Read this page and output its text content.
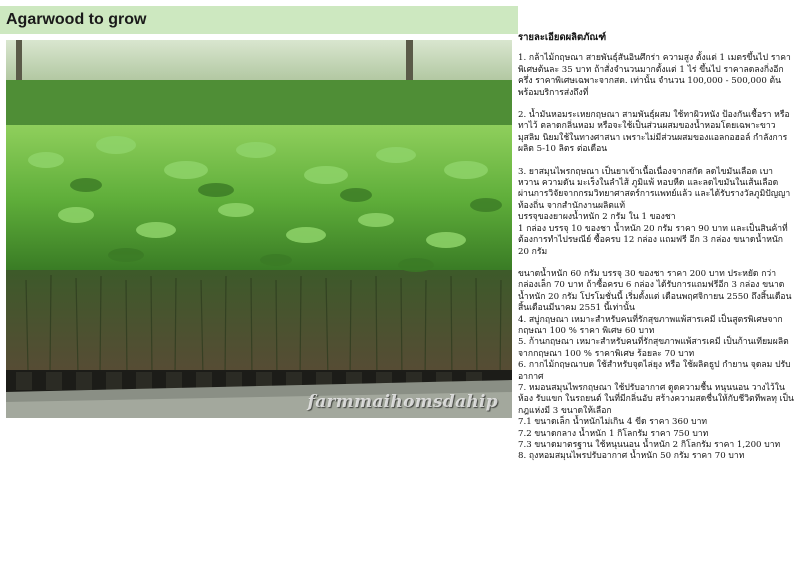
Agarwood to grow
farmmaihomsdahip
รายละเอียดผลิตภัณฑ์

1. กล้าไม้กฤษณา สายพันธุ์สันอินศึกร่า ความสูง ตั้งแต่ 1 เมตรขึ้นไป ราคาพิเศษต้นละ 35 บาท ถ้าสั่งจำนวนมากตั้งแต่ 1 ไร่ ขึ้นไป ราคาลดลงกิ่งอีกครึ่ง ราคาพิเศษเฉพาะจากสด. เท่านั้น จำนวน 100,000 - 500,000 ต้น พร้อมบริการส่งถึงที่

2. น้ำมันหอมระเหยกฤษณา สามพันธุ์ผสม ใช้ทาผิวหนัง ป้องกันเชื้อรา หรือทาไว้ ตลาดกลิ่นหอม หรือจะใช้เป็นส่วนผสมของน้ำหอมโดยเฉพาะขาวมุสลิม นิยมใช้ในทางศาสนา เพราะไม่มีส่วนผสมของแอลกอฮอล์ กำลังการผลิต 5-10 ลิตร ต่อเดือน

3. ยาสมุนไพรกฤษณา เป็นยาเข้าเนื้อเนื่องจากสกัด ลดไขมันเลือด เบาหวาน ความดัน มะเร็งในลำไส้ ภูมิแพ้ หอบหืด และลดไขมันในเส้นเลือด ผ่านการวิจัยจากกรมวิทยาศาสตร์การแพทย์แล้ว และได้รับรางวัลภูมิปัญญาท้องถิ่น จากสำนักงานผลิตแท้

บรรจุของยาผงน้ำหนัก 2 กรัม ใน 1 ของชา

1 กล่อง บรรจุ 10 ของชา น้ำหนัก 20 กรัม ราคา 90 บาท และเป็นสินค้าที่ต้องการทำไปรษณีย์ ซื้อครบ 12 กล่อง แถมฟรี อีก 3 กล่อง ขนาดน้ำหนัก 20 กรัม

ขนาดน้ำหนัก 60 กรัม บรรจุ 30 ของชา ราคา 200 บาท ประหยัด กว่ากล่องเล็ก 70 บาท ถ้าซื้อครบ 6 กล่อง ได้รับการแถมฟรีอีก 3 กล่อง ขนาดน้ำหนัก 20 กรัม โปรโมชั่นนี้ เริ่มตั้งแต่ เดือนพฤศจิกายน 2550 ถึงสิ้นเดือน สิ้นเดือนมีนาคม 2551 นี้เท่านั้น

4. สบู่กฤษณา เหมาะสำหรับคนที่รักสุขภาพแพ้สารเคมี เป็นสูตรพิเศษจากกฤษณา 100 % ราคา พิเศษ 60 บาท

5. ก้านกฤษณา เหมาะสำหรับคนที่รักสุขภาพแพ้สารเคมี เป็นก้านเทียมผลิตจากกฤษณา 100 % ราคาพิเศษ ร้อยละ 70 บาท

6. กากไม้กฤษณาบด ใช้สำหรับจุดไล่ยุง หรือ ใช้ผลิตธูป กำยาน จุดลม ปรับอากาศ

7. หมอนสมุนไพรกฤษณา ใช้ปรับอากาศ ดูดความชื้น หนุนนอน วางไว้ในห้อง รับแขก ในรถยนต์ ในที่มีกลิ่นอับ สร้างความสดชื่นให้กับชีวิตทีพลทุ เป็นกฎแห่งมี 3 ขนาดให้เลือก

7.1 ขนาดเล็ก น้ำหนักไม่เกิน 4 ขีด ราคา 360 บาท

7.2 ขนาดกลาง น้ำหนัก 1 กิโลกรัม ราคา 750 บาท

7.3 ขนาดมาตรฐาน ใช้หนุนนอน น้ำหนัก 2 กิโลกรัม ราคา 1,200 บาท

8. ถุงหอมสมุนไพรปรับอากาศ น้ำหนัก 50 กรัม ราคา 70 บาท
